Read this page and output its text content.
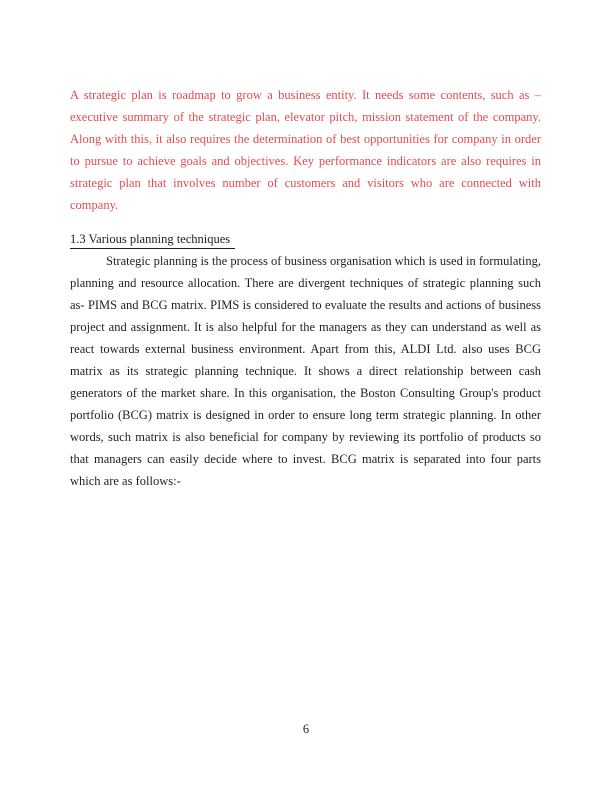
A strategic plan is roadmap to grow a business entity. It needs some contents, such as – executive summary of the strategic plan, elevator pitch, mission statement of the company. Along with this, it also requires the determination of best opportunities for company in order to pursue to achieve goals and objectives. Key performance indicators are also requires in strategic plan that involves number of customers and visitors who are connected with company.

1.3 Various planning techniques

Strategic planning is the process of business organisation which is used in formulating, planning and resource allocation. There are divergent techniques of strategic planning such as- PIMS and BCG matrix. PIMS is considered to evaluate the results and actions of business project and assignment. It is also helpful for the managers as they can understand as well as react towards external business environment. Apart from this, ALDI Ltd. also uses BCG matrix as its strategic planning technique. It shows a direct relationship between cash generators of the market share. In this organisation, the Boston Consulting Group's product portfolio (BCG) matrix is designed in order to ensure long term strategic planning. In other words, such matrix is also beneficial for company by reviewing its portfolio of products so that managers can easily decide where to invest. BCG matrix is separated into four parts which are as follows:-

6
